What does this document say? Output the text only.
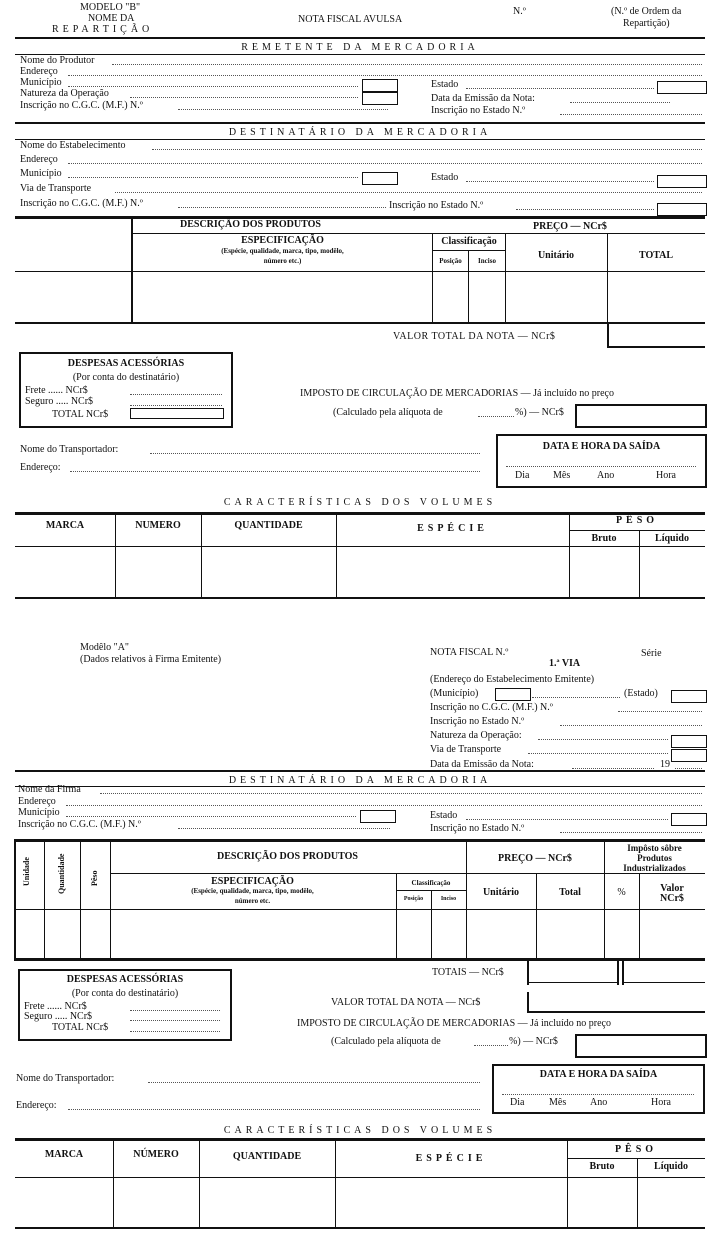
MODELO "B"
NOME DA
REPARTIÇÃO
NOTA FISCAL AVULSA
N.º	(N.º de Ordem da
Repartição)
REMETENTE DA MERCADORIA
Nome do Produtor
Endereço
Município	Estado
Natureza da Operação	Data da Emissão da Nota:
Inscrição no C.G.C. (M.F.) N.º	Inscrição no Estado N.º
DESTINATÁRIO DA MERCADORIA
Nome do Estabelecimento
Endereço
Município	Estado
Via de Transporte
Inscrição no C.G.C. (M.F.) N.º	Inscrição no Estado N.º
DESCRIÇÃO DOS PRODUTOS	PREÇO — NCr$
ESPECIFICAÇÃO
(Espécie, qualidade, marca, tipo, modêlo,
número etc.)
Classificação
Posição	Inciso	Unitário	TOTAL
VALOR TOTAL DA NOTA — NCr$
DESPESAS ACESSÓRIAS
(Por conta do destinatário)
Frete ...... NCr$
Seguro ..... NCr$
TOTAL NCr$
IMPOSTO DE CIRCULAÇÃO DE MERCADORIAS — Já incluído no preço
(Calculado pela alíquota de	%) — NCr$
Nome do Transportador:
Endereço:
DATA E HORA DA SAÍDA
Dia Mês	Ano	Hora
CARACTERÍSTICAS DOS VOLUMES
MARCA	NUMERO	QUANTIDADE	ESPÉCIE
PÊSO
Bruto	Líquido
Modêlo "A"
(Dados relativos à Firma Emitente)
NOTA FISCAL N.º	Série
1.ª VIA
(Endereço do Estabelecimento Emitente)
(Município)	(Estado)
Inscrição no C.G.C. (M.F.) N.º
Inscrição no Estado N.º
Natureza da Operação:
Via de Transporte
Data da Emissão da Nota:	19
DESTINATÁRIO DA MERCADORIA
Nome da Firma
Endereço
Município	Estado
Inscrição no C.G.C. (M.F.) N.º	Inscrição no Estado N.º
Unidade	Quantidade	Pêso
DESCRIÇÃO DOS PRODUTOS	PREÇO — NCr$
Impôsto sôbre
Produtos
Industrializados
ESPECIFICAÇÃO
(Espécie, qualidade, marca, tipo, modêlo,
número etc.
Classificação
Posição	Inciso
Unitário	Total	%	Valor
NCr$
TOTAIS — NCr$
VALOR TOTAL DA NOTA — NCr$
IMPOSTO DE CIRCULAÇÃO DE MERCADORIAS — Já incluído no preço
(Calculado pela alíquota de	%) — NCr$
DESPESAS ACESSÓRIAS
(Por conta do destinatário)
Frete ...... NCr$
Seguro ..... NCr$
TOTAL NCr$
Nome do Transportador:
Endereço:
DATA E HORA DA SAÍDA
Dia Mês Ano	Hora
CARACTERÍSTICAS DOS VOLUMES
MARCA	NÚMERO	QUANTIDADE	ESPÉCIE
PÊSO
Bruto	Líquido
